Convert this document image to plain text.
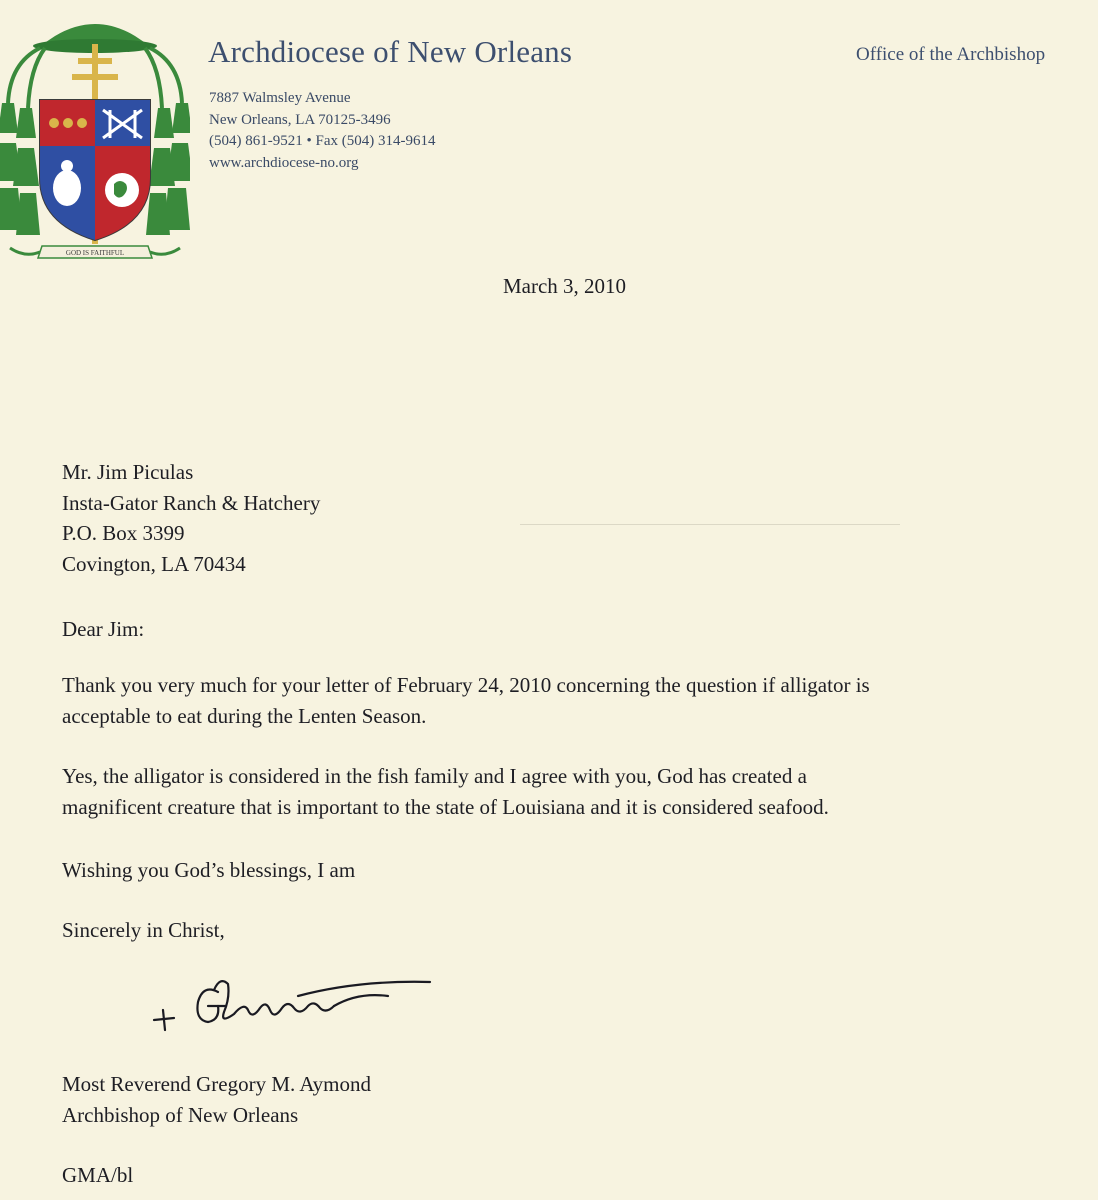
GOD IS FAITHFUL
Archdiocese of New Orleans	Office of the Archbishop
7887 Walmsley Avenue
New Orleans, LA 70125-3496
(504) 861-9521 • Fax (504) 314-9614
www.archdiocese-no.org
March 3, 2010
Mr. Jim Piculas
Insta-Gator Ranch & Hatchery
P.O. Box 3399
Covington, LA 70434
Dear Jim:
Thank you very much for your letter of February 24, 2010 concerning the question if alligator is
acceptable to eat during the Lenten Season.
Yes, the alligator is considered in the fish family and I agree with you, God has created a
magnificent creature that is important to the state of Louisiana and it is considered seafood.
Wishing you God’s blessings, I am
Sincerely in Christ,
Most Reverend Gregory M. Aymond
Archbishop of New Orleans
GMA/bl
